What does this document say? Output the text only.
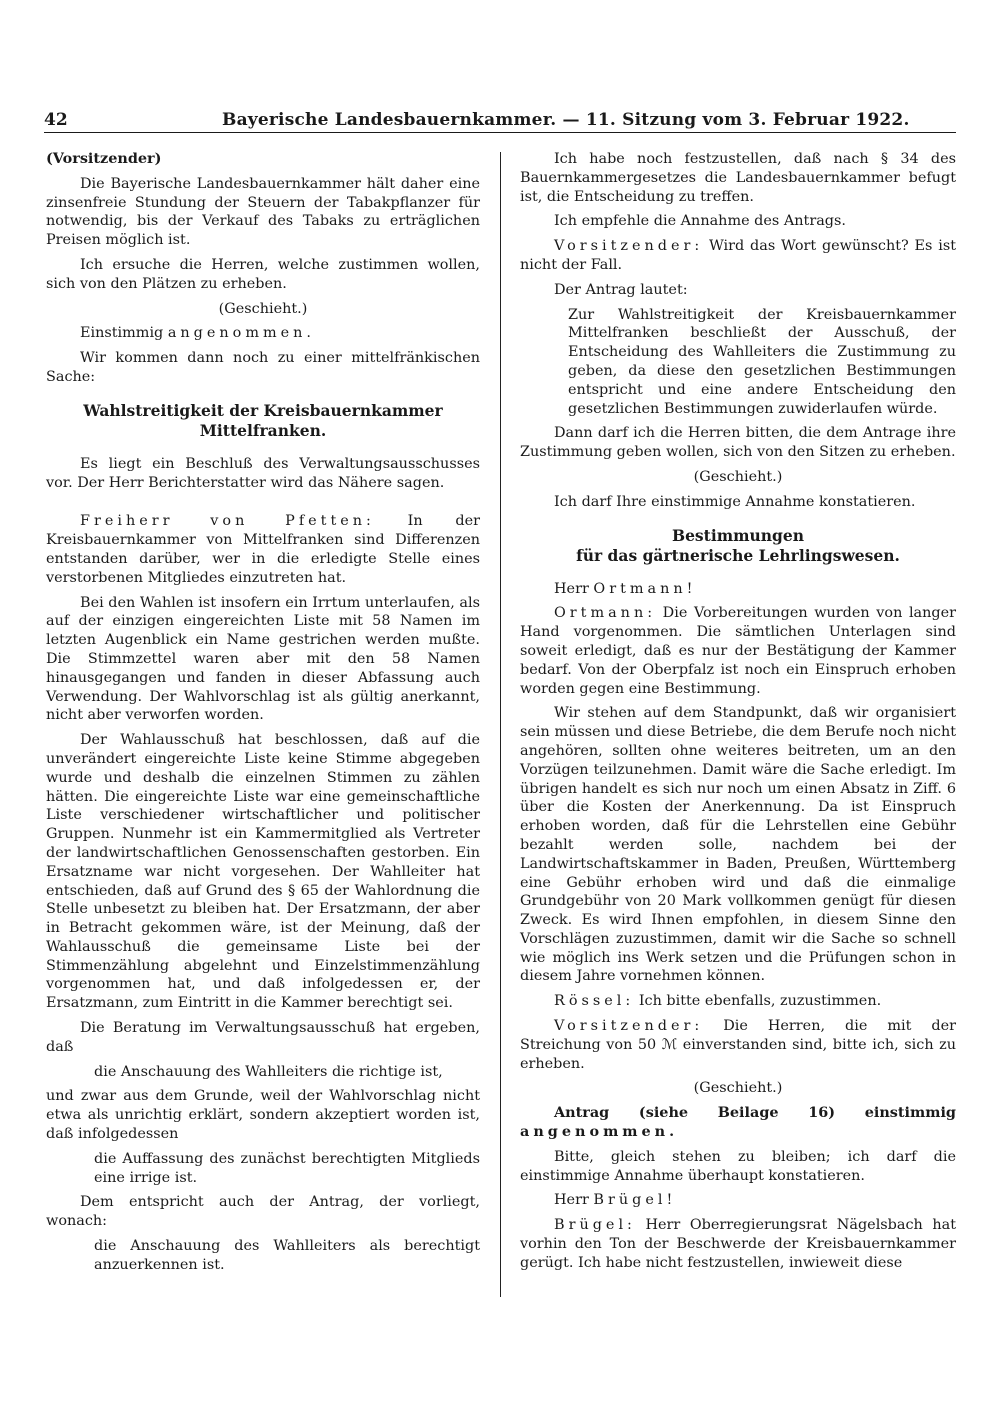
42	Bayerische Landesbauernkammer. — 11. Sitzung vom 3. Februar 1922.

(Vorsitzender)

Die Bayerische Landesbauernkammer hält daher eine zinsenfreie Stundung der Steuern der Tabakpflanzer für notwendig, bis der Verkauf des Tabaks zu erträglichen Preisen möglich ist.

Ich ersuche die Herren, welche zustimmen wollen, sich von den Plätzen zu erheben.

(Geschieht.)

Einstimmig angenommen.

Wir kommen dann noch zu einer mittelfränkischen Sache:

Wahlstreitigkeit der Kreisbauernkammer Mittelfranken.

Es liegt ein Beschluß des Verwaltungsausschusses vor. Der Herr Berichterstatter wird das Nähere sagen.

Freiherr von Pfetten: In der Kreisbauernkammer von Mittelfranken sind Differenzen entstanden darüber, wer in die erledigte Stelle eines verstorbenen Mitgliedes einzutreten hat.

Bei den Wahlen ist insofern ein Irrtum unterlaufen, als auf der einzigen eingereichten Liste mit 58 Namen im letzten Augenblick ein Name gestrichen werden mußte. Die Stimmzettel waren aber mit den 58 Namen hinausgegangen und fanden in dieser Abfassung auch Verwendung. Der Wahlvorschlag ist als gültig anerkannt, nicht aber verworfen worden.

Der Wahlausschuß hat beschlossen, daß auf die unverändert eingereichte Liste keine Stimme abgegeben wurde und deshalb die einzelnen Stimmen zu zählen hätten. Die eingereichte Liste war eine gemeinschaftliche Liste verschiedener wirtschaftlicher und politischer Gruppen. Nunmehr ist ein Kammermitglied als Vertreter der landwirtschaftlichen Genossenschaften gestorben. Ein Ersatzname war nicht vorgesehen. Der Wahlleiter hat entschieden, daß auf Grund des § 65 der Wahlordnung die Stelle unbesetzt zu bleiben hat. Der Ersatzmann, der aber in Betracht gekommen wäre, ist der Meinung, daß der Wahlausschuß die gemeinsame Liste bei der Stimmenzählung abgelehnt und Einzelstimmenzählung vorgenommen hat, und daß infolgedessen er, der Ersatzmann, zum Eintritt in die Kammer berechtigt sei.

Die Beratung im Verwaltungsausschuß hat ergeben, daß

die Anschauung des Wahlleiters die richtige ist,

und zwar aus dem Grunde, weil der Wahlvorschlag nicht etwa als unrichtig erklärt, sondern akzeptiert worden ist, daß infolgedessen

die Auffassung des zunächst berechtigten Mitglieds eine irrige ist.

Dem entspricht auch der Antrag, der vorliegt, wonach:

die Anschauung des Wahlleiters als berechtigt anzuerkennen ist.

Ich habe noch festzustellen, daß nach § 34 des Bauernkammergesetzes die Landesbauernkammer befugt ist, die Entscheidung zu treffen.

Ich empfehle die Annahme des Antrags.

Vorsitzender: Wird das Wort gewünscht? Es ist nicht der Fall.

Der Antrag lautet:

Zur Wahlstreitigkeit der Kreisbauernkammer Mittelfranken beschließt der Ausschuß, der Entscheidung des Wahlleiters die Zustimmung zu geben, da diese den gesetzlichen Bestimmungen entspricht und eine andere Entscheidung den gesetzlichen Bestimmungen zuwiderlaufen würde.

Dann darf ich die Herren bitten, die dem Antrage ihre Zustimmung geben wollen, sich von den Sitzen zu erheben.

(Geschieht.)

Ich darf Ihre einstimmige Annahme konstatieren.

Bestimmungen
für das gärtnerische Lehrlingswesen.

Herr Ortmann!

Ortmann: Die Vorbereitungen wurden von langer Hand vorgenommen. Die sämtlichen Unterlagen sind soweit erledigt, daß es nur der Bestätigung der Kammer bedarf. Von der Oberpfalz ist noch ein Einspruch erhoben worden gegen eine Bestimmung.

Wir stehen auf dem Standpunkt, daß wir organisiert sein müssen und diese Betriebe, die dem Berufe noch nicht angehören, sollten ohne weiteres beitreten, um an den Vorzügen teilzunehmen. Damit wäre die Sache erledigt. Im übrigen handelt es sich nur noch um einen Absatz in Ziff. 6 über die Kosten der Anerkennung. Da ist Einspruch erhoben worden, daß für die Lehrstellen eine Gebühr bezahlt werden solle, nachdem bei der Landwirtschaftskammer in Baden, Preußen, Württemberg eine Gebühr erhoben wird und daß die einmalige Grundgebühr von 20 Mark vollkommen genügt für diesen Zweck. Es wird Ihnen empfohlen, in diesem Sinne den Vorschlägen zuzustimmen, damit wir die Sache so schnell wie möglich ins Werk setzen und die Prüfungen schon in diesem Jahre vornehmen können.

Rössel: Ich bitte ebenfalls, zuzustimmen.

Vorsitzender: Die Herren, die mit der Streichung von 50 ℳ einverstanden sind, bitte ich, sich zu erheben.

(Geschieht.)

Antrag (siehe Beilage 16) einstimmig angenommen.

Bitte, gleich stehen zu bleiben; ich darf die einstimmige Annahme überhaupt konstatieren.

Herr Brügel!

Brügel: Herr Oberregierungsrat Nägelsbach hat vorhin den Ton der Beschwerde der Kreisbauernkammer gerügt. Ich habe nicht festzustellen, inwieweit diese
